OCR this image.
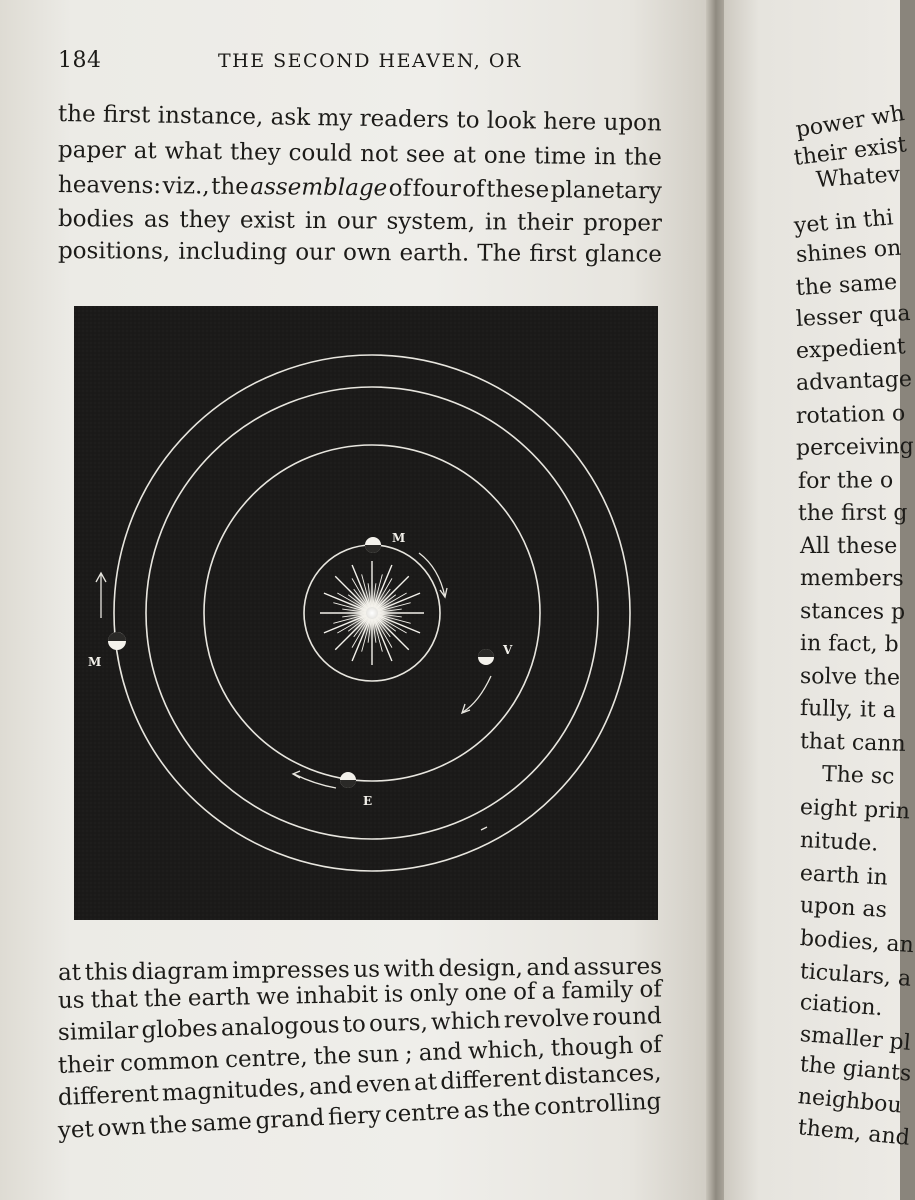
184	THE SECOND HEAVEN, OR

the first instance, ask my readers to look here upon

paper at what they could not see at one time in the

heavens: viz., the assemblage of four of these planetary

bodies as they exist in our system, in their proper

positions, including our own earth. The first glance

M
V
E
M

at this diagram impresses us with design, and assures

us that the earth we inhabit is only one of a family of

similar globes analogous to ours, which revolve round

their common centre, the sun ; and which, though of

different magnitudes, and even at different distances,

yet own the same grand fiery centre as the controlling

power wh

their exist

Whatev

yet in thi

shines on

the same

lesser qua

expedient

advantage

rotation o

perceiving

for the o

the first g

All these

members

stances p

in fact, b

solve the

fully, it a

that cann

The sc

eight prin

nitude.

earth in

upon as

bodies, an

ticulars, a

ciation.

smaller pl

the giants

neighbou

them, and
